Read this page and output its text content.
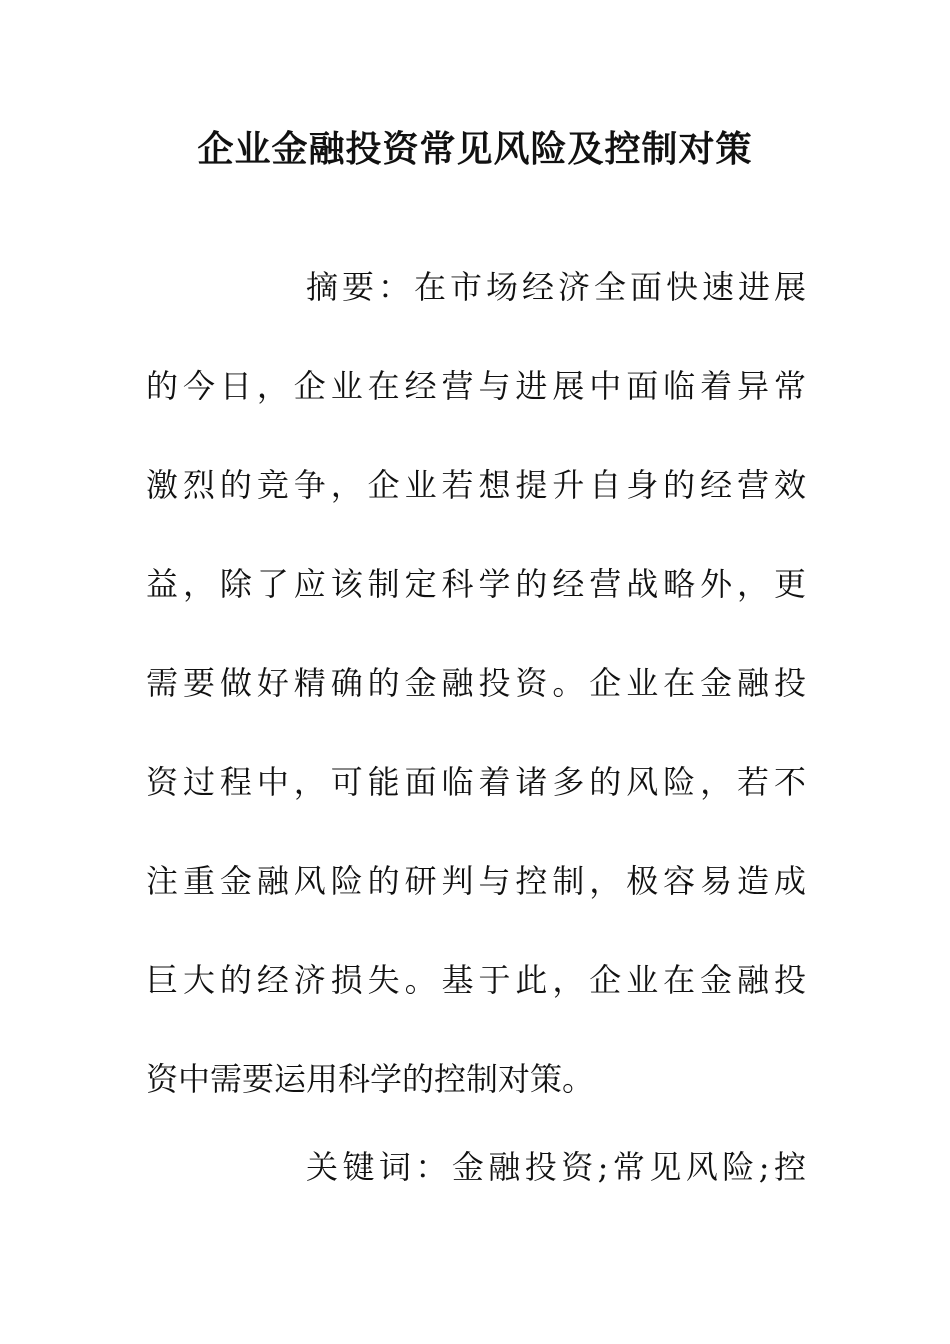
企业金融投资常见风险及控制对策
摘要：在市场经济全面快速进展
的今日，企业在经营与进展中面临着异常
激烈的竞争，企业若想提升自身的经营效
益，除了应该制定科学的经营战略外，更
需要做好精确的金融投资。企业在金融投
资过程中，可能面临着诸多的风险，若不
注重金融风险的研判与控制，极容易造成
巨大的经济损失。基于此，企业在金融投
资中需要运用科学的控制对策。
关键词：金融投资;常见风险;控
